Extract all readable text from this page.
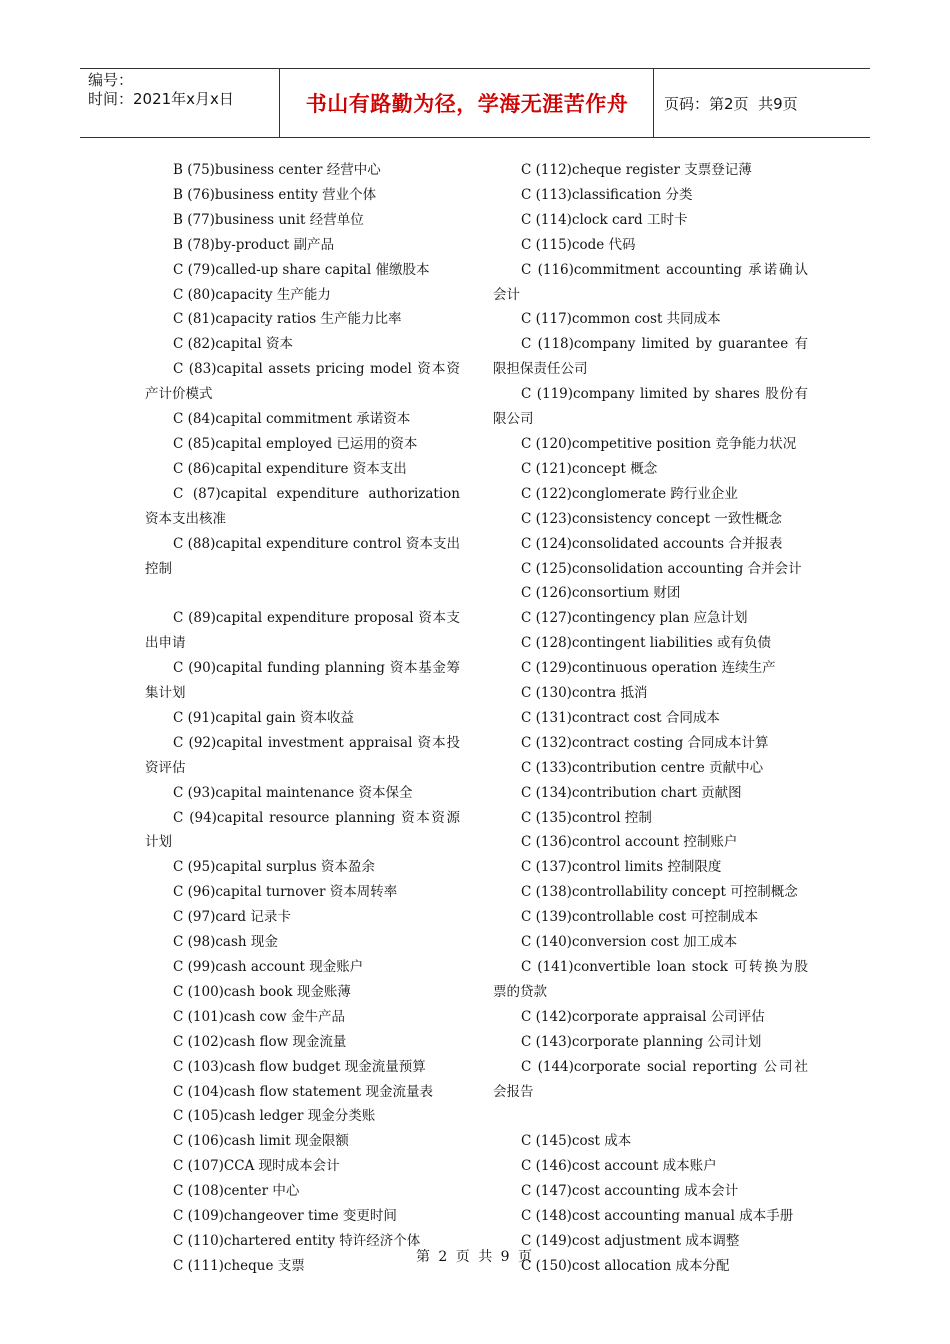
编号：
时间：2021年x月x日	书山有路勤为径，学海无涯苦作舟	页码：第2页  共9页
B (75)business center 经营中心
B (76)business entity 营业个体
B (77)business unit 经营单位
B (78)by-product 副产品
C (79)called-up share capital 催缴股本
C (80)capacity 生产能力
C (81)capacity ratios 生产能力比率
C (82)capital 资本
C (83)capital assets pricing model 资本资产计价模式
C (84)capital commitment 承诺资本
C (85)capital employed 已运用的资本
C (86)capital expenditure 资本支出
C (87)capital expenditure authorization 资本支出核准
C (88)capital expenditure control 资本支出控制
C (89)capital expenditure proposal 资本支出申请
C (90)capital funding planning 资本基金筹集计划
C (91)capital gain 资本收益
C (92)capital investment appraisal 资本投资评估
C (93)capital maintenance 资本保全
C (94)capital resource planning 资本资源计划
C (95)capital surplus 资本盈余
C (96)capital turnover 资本周转率
C (97)card 记录卡
C (98)cash 现金
C (99)cash account 现金账户
C (100)cash book 现金账薄
C (101)cash cow 金牛产品
C (102)cash flow 现金流量
C (103)cash flow budget 现金流量预算
C (104)cash flow statement 现金流量表
C (105)cash ledger 现金分类账
C (106)cash limit 现金限额
C (107)CCA 现时成本会计
C (108)center 中心
C (109)changeover time 变更时间
C (110)chartered entity 特许经济个体
C (111)cheque 支票
C (112)cheque register 支票登记薄
C (113)classification 分类
C (114)clock card 工时卡
C (115)code 代码
C (116)commitment accounting 承诺确认会计
C (117)common cost 共同成本
C (118)company limited by guarantee 有限担保责任公司
C (119)company limited by shares 股份有限公司
C (120)competitive position 竞争能力状况
C (121)concept 概念
C (122)conglomerate 跨行业企业
C (123)consistency concept 一致性概念
C (124)consolidated accounts 合并报表
C (125)consolidation accounting 合并会计
C (126)consortium 财团
C (127)contingency plan 应急计划
C (128)contingent liabilities 或有负债
C (129)continuous operation 连续生产
C (130)contra 抵消
C (131)contract cost 合同成本
C (132)contract costing 合同成本计算
C (133)contribution centre 贡献中心
C (134)contribution chart 贡献图
C (135)control 控制
C (136)control account 控制账户
C (137)control limits 控制限度
C (138)controllability concept 可控制概念
C (139)controllable cost 可控制成本
C (140)conversion cost 加工成本
C (141)convertible loan stock 可转换为股票的贷款
C (142)corporate appraisal 公司评估
C (143)corporate planning 公司计划
C (144)corporate social reporting 公司社会报告
C (145)cost 成本
C (146)cost account 成本账户
C (147)cost accounting 成本会计
C (148)cost accounting manual 成本手册
C (149)cost adjustment 成本调整
C (150)cost allocation 成本分配
第 2 页 共 9 页
